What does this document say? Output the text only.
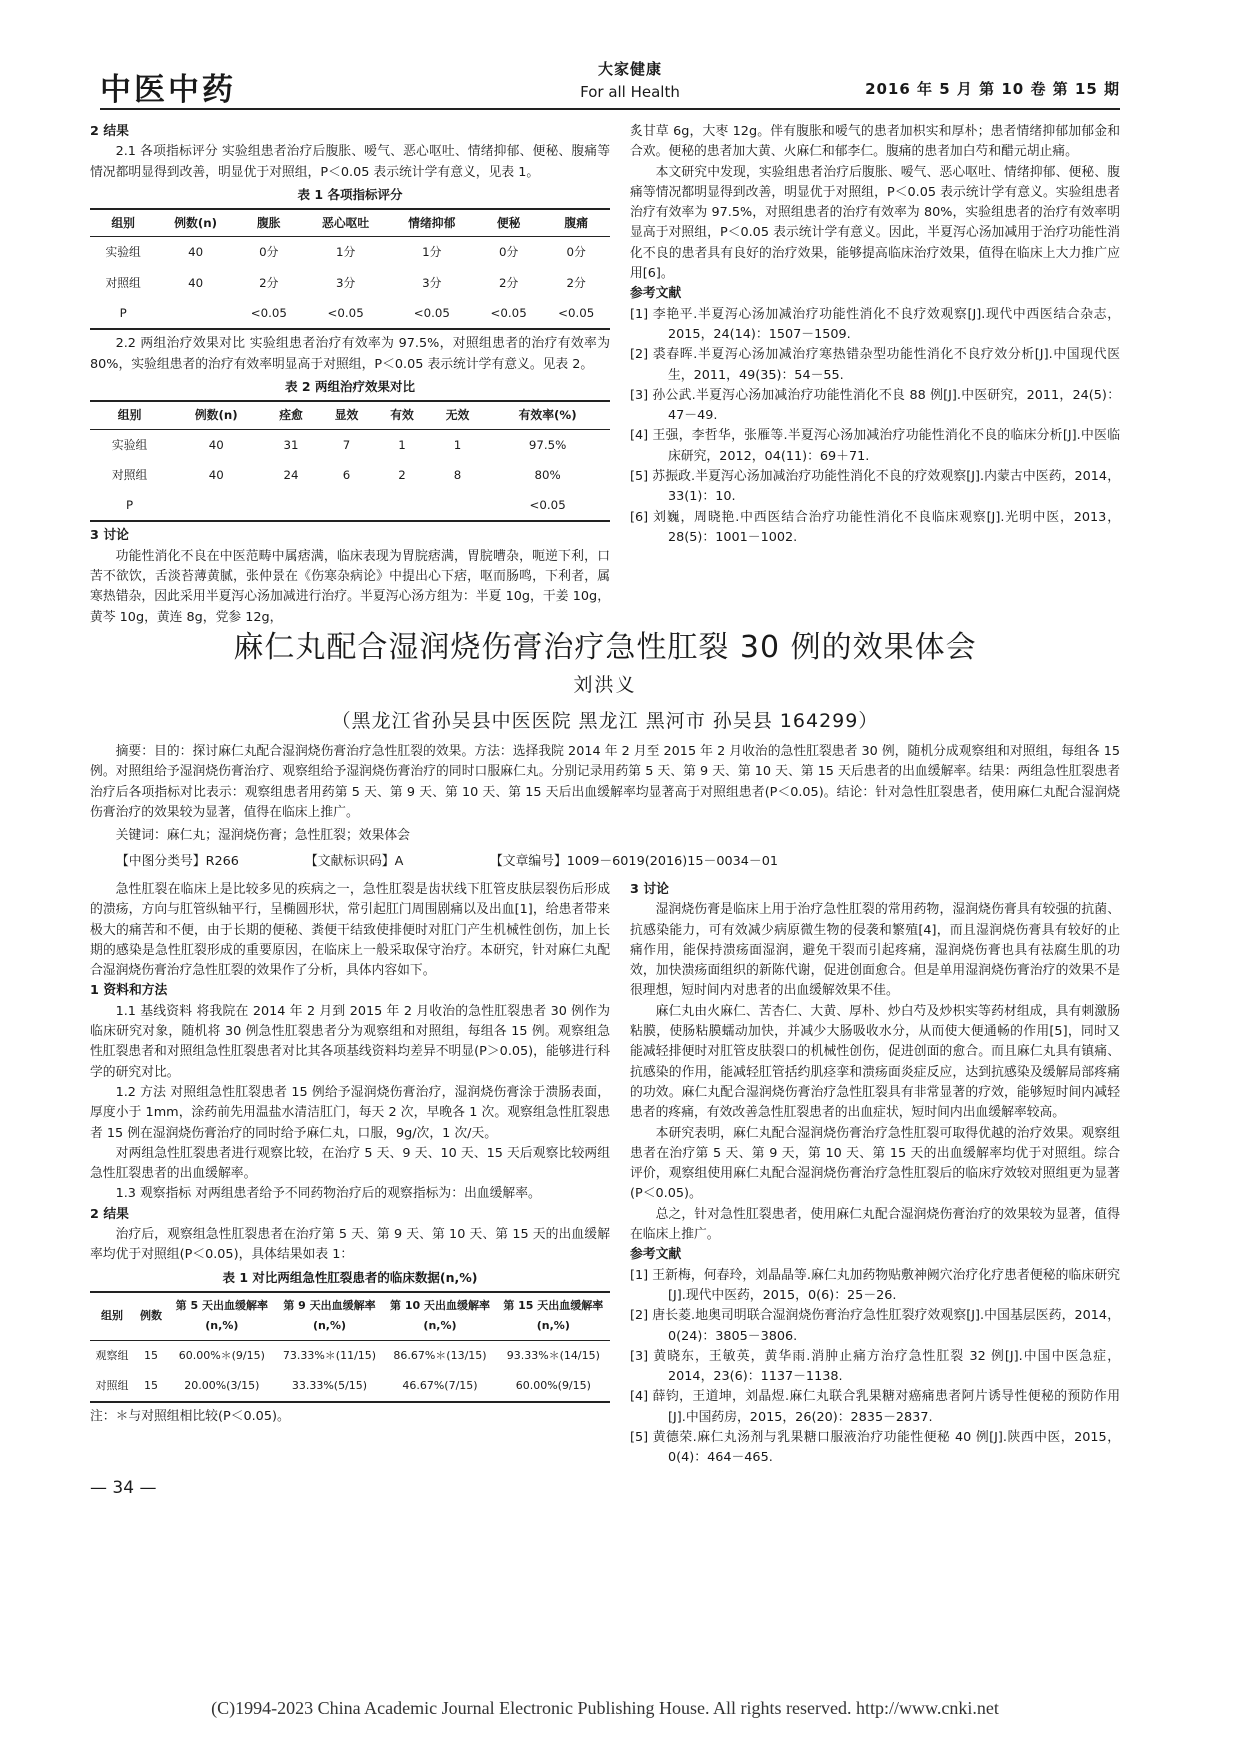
中医中药
大家健康
For all Health	2016 年 5 月 第 10 卷 第 15 期
2 结果

2.1 各项指标评分 实验组患者治疗后腹胀、嗳气、恶心呕吐、情绪抑郁、便秘、腹痛等情况都明显得到改善，明显优于对照组，P＜0.05 表示统计学有意义，见表 1。

表 1 各项指标评分
组别	例数(n)	腹胀	恶心呕吐	情绪抑郁	便秘	腹痛
实验组	40	0分	1分	1分	0分	0分
对照组	40	2分	3分	3分	2分	2分
P		<0.05	<0.05	<0.05	<0.05	<0.05

2.2 两组治疗效果对比 实验组患者治疗有效率为 97.5%，对照组患者的治疗有效率为 80%，实验组患者的治疗有效率明显高于对照组，P＜0.05 表示统计学有意义。见表 2。

表 2 两组治疗效果对比
组别	例数(n)	痊愈	显效	有效	无效	有效率(%)
实验组	40	31	7	1	1	97.5%
对照组	40	24	6	2	8	80%
P						<0.05
3 讨论

功能性消化不良在中医范畴中属痞满，临床表现为胃脘痞满，胃脘嘈杂，呃逆下利，口苦不欲饮，舌淡苔薄黄腻，张仲景在《伤寒杂病论》中提出心下痞，呕而肠鸣，下利者，属寒热错杂，因此采用半夏泻心汤加减进行治疗。半夏泻心汤方组为：半夏 10g，干姜 10g，黄芩 10g，黄连 8g，党参 12g，

炙甘草 6g，大枣 12g。伴有腹胀和嗳气的患者加枳实和厚朴；患者情绪抑郁加郁金和合欢。便秘的患者加大黄、火麻仁和郁李仁。腹痛的患者加白芍和醋元胡止痛。

本文研究中发现，实验组患者治疗后腹胀、嗳气、恶心呕吐、情绪抑郁、便秘、腹痛等情况都明显得到改善，明显优于对照组，P＜0.05 表示统计学有意义。实验组患者治疗有效率为 97.5%，对照组患者的治疗有效率为 80%，实验组患者的治疗有效率明显高于对照组，P＜0.05 表示统计学有意义。因此，半夏泻心汤加减用于治疗功能性消化不良的患者具有良好的治疗效果，能够提高临床治疗效果，值得在临床上大力推广应用[6]。

参考文献
[1] 李艳平.半夏泻心汤加减治疗功能性消化不良疗效观察[J].现代中西医结合杂志，2015，24(14)：1507－1509.
[2] 裘春晖.半夏泻心汤加减治疗寒热错杂型功能性消化不良疗效分析[J].中国现代医生，2011，49(35)：54－55.
[3] 孙公武.半夏泻心汤加减治疗功能性消化不良 88 例[J].中医研究，2011，24(5)：47－49.
[4] 王强，李哲华，张雁等.半夏泻心汤加减治疗功能性消化不良的临床分析[J].中医临床研究，2012，04(11)：69＋71.
[5] 苏振政.半夏泻心汤加减治疗功能性消化不良的疗效观察[J].内蒙古中医药，2014，33(1)：10.
[6] 刘巍，周晓艳.中西医结合治疗功能性消化不良临床观察[J].光明中医，2013，28(5)：1001－1002.
麻仁丸配合湿润烧伤膏治疗急性肛裂 30 例的效果体会
刘洪义
（黑龙江省孙吴县中医医院 黑龙江 黑河市 孙吴县 164299）

摘要：目的：探讨麻仁丸配合湿润烧伤膏治疗急性肛裂的效果。方法：选择我院 2014 年 2 月至 2015 年 2 月收治的急性肛裂患者 30 例，随机分成观察组和对照组，每组各 15 例。对照组给予湿润烧伤膏治疗、观察组给予湿润烧伤膏治疗的同时口服麻仁丸。分别记录用药第 5 天、第 9 天、第 10 天、第 15 天后患者的出血缓解率。结果：两组急性肛裂患者治疗后各项指标对比表示：观察组患者用药第 5 天、第 9 天、第 10 天、第 15 天后出血缓解率均显著高于对照组患者(P＜0.05)。结论：针对急性肛裂患者，使用麻仁丸配合湿润烧伤膏治疗的效果较为显著，值得在临床上推广。

关键词：麻仁丸；湿润烧伤膏；急性肛裂；效果体会
【中图分类号】R266	【文献标识码】A	【文章编号】1009－6019(2016)15－0034－01

急性肛裂在临床上是比较多见的疾病之一，急性肛裂是齿状线下肛管皮肤层裂伤后形成的溃疡，方向与肛管纵轴平行，呈椭圆形状，常引起肛门周围剧痛以及出血[1]，给患者带来极大的痛苦和不便，由于长期的便秘、粪便干结致使排便时对肛门产生机械性创伤，加上长期的感染是急性肛裂形成的重要原因，在临床上一般采取保守治疗。本研究，针对麻仁丸配合湿润烧伤膏治疗急性肛裂的效果作了分析，具体内容如下。

1 资料和方法

1.1 基线资料 将我院在 2014 年 2 月到 2015 年 2 月收治的急性肛裂患者 30 例作为临床研究对象，随机将 30 例急性肛裂患者分为观察组和对照组，每组各 15 例。观察组急性肛裂患者和对照组急性肛裂患者对比其各项基线资料均差异不明显(P＞0.05)，能够进行科学的研究对比。

1.2 方法 对照组急性肛裂患者 15 例给予湿润烧伤膏治疗，湿润烧伤膏涂于溃肠表面，厚度小于 1mm，涂药前先用温盐水清洁肛门，每天 2 次，早晚各 1 次。观察组急性肛裂患者 15 例在湿润烧伤膏治疗的同时给予麻仁丸，口服，9g/次，1 次/天。

对两组急性肛裂患者进行观察比较，在治疗 5 天、9 天、10 天、15 天后观察比较两组急性肛裂患者的出血缓解率。

1.3 观察指标 对两组患者给予不同药物治疗后的观察指标为：出血缓解率。

2 结果

治疗后，观察组急性肛裂患者在治疗第 5 天、第 9 天、第 10 天、第 15 天的出血缓解率均优于对照组(P＜0.05)，具体结果如表 1：

表 1 对比两组急性肛裂患者的临床数据(n,%)
组别	例数	第 5 天出血缓解率(n,%)	第 9 天出血缓解率(n,%)	第 10 天出血缓解率(n,%)	第 15 天出血缓解率(n,%)
观察组	15	60.00%＊(9/15)	73.33%＊(11/15)	86.67%＊(13/15)	93.33%＊(14/15)
对照组	15	20.00%(3/15)	33.33%(5/15)	46.67%(7/15)	60.00%(9/15)

注：＊与对照组相比较(P＜0.05)。

3 讨论

湿润烧伤膏是临床上用于治疗急性肛裂的常用药物，湿润烧伤膏具有较强的抗菌、抗感染能力，可有效减少病原微生物的侵袭和繁殖[4]，而且湿润烧伤膏具有较好的止痛作用，能保持溃疡面湿润，避免干裂而引起疼痛，湿润烧伤膏也具有祛腐生肌的功效，加快溃疡面组织的新陈代谢，促进创面愈合。但是单用湿润烧伤膏治疗的效果不是很理想，短时间内对患者的出血缓解效果不佳。

麻仁丸由火麻仁、苦杏仁、大黄、厚朴、炒白芍及炒枳实等药材组成，具有刺激肠粘膜，使肠粘膜蠕动加快，并减少大肠吸收水分，从而使大便通畅的作用[5]，同时又能减轻排便时对肛管皮肤裂口的机械性创伤，促进创面的愈合。而且麻仁丸具有镇痛、抗感染的作用，能减轻肛管括约肌痉挛和溃疡面炎症反应，达到抗感染及缓解局部疼痛的功效。麻仁丸配合湿润烧伤膏治疗急性肛裂具有非常显著的疗效，能够短时间内减轻患者的疼痛，有效改善急性肛裂患者的出血症状，短时间内出血缓解率较高。

本研究表明，麻仁丸配合湿润烧伤膏治疗急性肛裂可取得优越的治疗效果。观察组患者在治疗第 5 天、第 9 天，第 10 天、第 15 天的出血缓解率均优于对照组。综合评价，观察组使用麻仁丸配合湿润烧伤膏治疗急性肛裂后的临床疗效较对照组更为显著(P＜0.05)。

总之，针对急性肛裂患者，使用麻仁丸配合湿润烧伤膏治疗的效果较为显著，值得在临床上推广。

参考文献
[1] 王新梅，何春玲，刘晶晶等.麻仁丸加药物贴敷神阙穴治疗化疗患者便秘的临床研究[J].现代中医药，2015，0(6)：25－26.
[2] 唐长菱.地奥司明联合湿润烧伤膏治疗急性肛裂疗效观察[J].中国基层医药，2014，0(24)：3805－3806.
[3] 黄晓东，王敏英，黄华雨.消肿止痛方治疗急性肛裂 32 例[J].中国中医急症，2014，23(6)：1137－1138.
[4] 薛钧，王道坤，刘晶煜.麻仁丸联合乳果糖对癌痛患者阿片诱导性便秘的预防作用[J].中国药房，2015，26(20)：2835－2837.
[5] 黄德荣.麻仁丸汤剂与乳果糖口服液治疗功能性便秘 40 例[J].陕西中医，2015，0(4)：464－465.
— 34 —
(C)1994-2023 China Academic Journal Electronic Publishing House. All rights reserved. http://www.cnki.net
